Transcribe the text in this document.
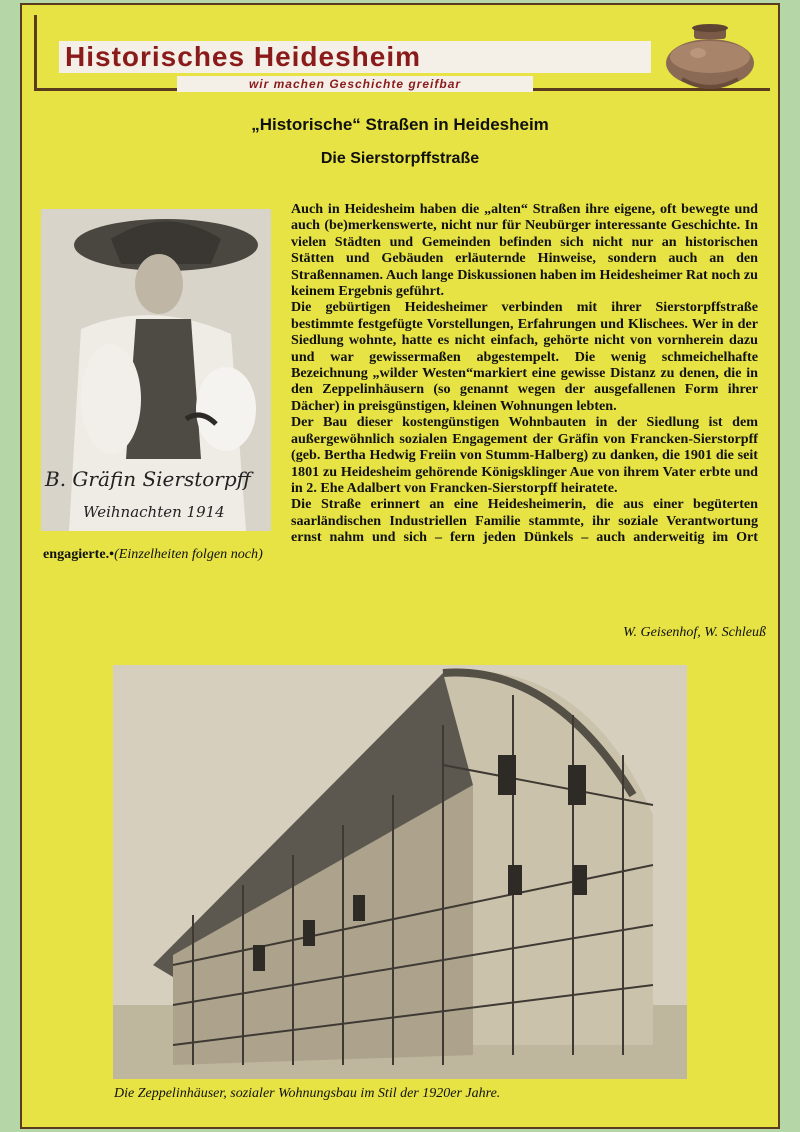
Historisches Heidesheim
wir machen Geschichte greifbar
„Historische“ Straßen in Heidesheim
Die Sierstorpffstraße

Auch in Heidesheim haben die „alten“ Straßen ihre eigene, oft bewegte und auch (be)merkenswerte, nicht nur für Neubürger interessante Geschichte. In vielen Städten und Gemeinden befinden sich nicht nur an historischen Stätten und Gebäuden erläuternde Hinweise, sondern auch an den Straßennamen. Auch lange Diskussionen haben im Heidesheimer Rat noch zu keinem Ergebnis geführt.

Die gebürtigen Heidesheimer verbinden mit ihrer Sierstorpffstraße bestimmte festgefügte Vorstellungen, Erfahrungen und Klischees. Wer in der Siedlung wohnte, hatte es nicht einfach, gehörte nicht von vornherein dazu und war gewissermaßen abgestempelt. Die wenig schmeichelhafte Bezeichnung „wilder Westen“markiert eine gewisse Distanz zu denen, die in den Zeppelinhäusern (so genannt wegen der ausgefallenen Form ihrer Dächer) in preisgünstigen, kleinen Wohnungen lebten.

Der Bau dieser kostengünstigen Wohnbauten in der Siedlung ist dem außergewöhnlich sozialen Engagement der Gräfin von Francken-Sierstorpff (geb. Bertha Hedwig Freiin von Stumm-Halberg) zu danken, die 1901 die seit 1801 zu Heidesheim gehörende Königsklinger Aue von ihrem Vater erbte und in 2. Ehe Adalbert von Francken-Sierstorpff heiratete.

Die Straße erinnert an eine Heidesheimerin, die aus einer begüterten saarländischen Industriellen Familie stammte, ihr soziale Verantwortung ernst nahm und sich – fern jeden Dünkels – auch anderweitig im Ort engagierte.•(Einzelheiten folgen noch)

B. Gräfin Sierstorpff
Weihnachten 1914
W. Geisenhof, W. Schleuß
Die Zeppelinhäuser, sozialer Wohnungsbau im Stil der 1920er Jahre.
